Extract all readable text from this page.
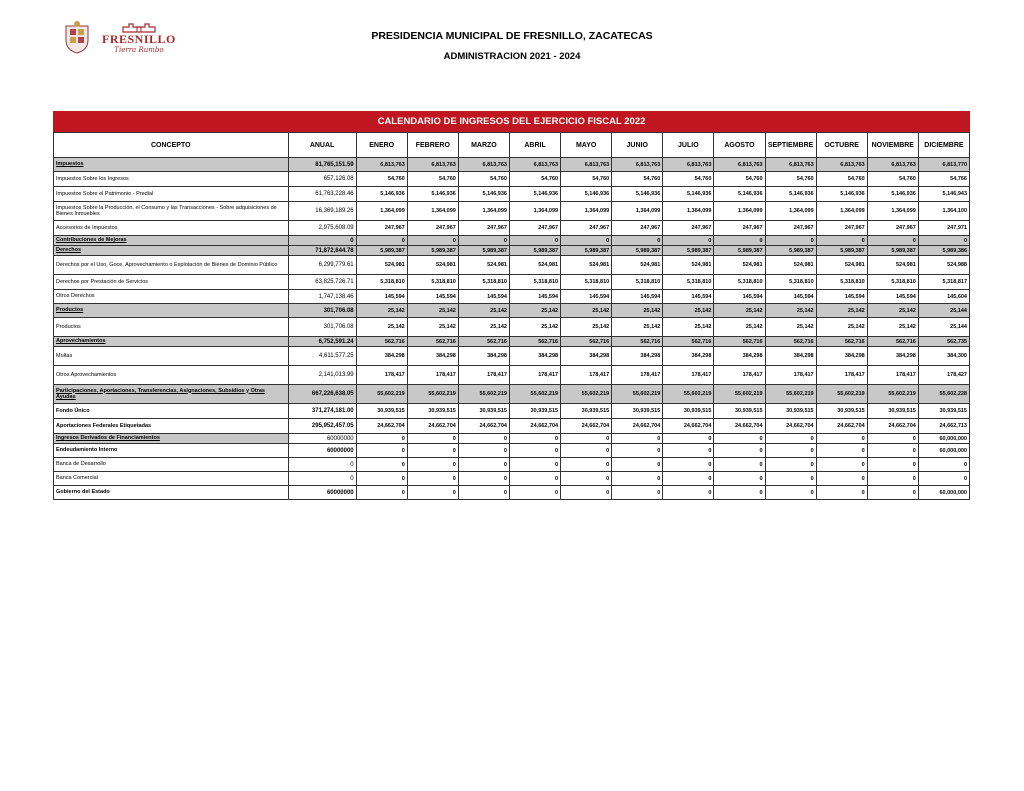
FRESNILLO
Tierra Rumbo
PRESIDENCIA MUNICIPAL DE FRESNILLO, ZACATECAS
ADMINISTRACION 2021 - 2024
CALENDARIO DE INGRESOS DEL EJERCICIO FISCAL 2022
CONCEPTO	ANUAL	ENERO	FEBRERO	MARZO	ABRIL	MAYO	JUNIO	JULIO	AGOSTO	SEPTIEMBRE	OCTUBRE	NOVIEMBRE	DICIEMBRE
Impuestos	81,765,151.59	6,813,763	6,813,763	6,813,763	6,813,763	6,813,763	6,813,763	6,813,763	6,813,763	6,813,763	6,813,763	6,813,763	6,813,770
Impuestos Sobre los Ingresos	657,126.08	54,760	54,760	54,760	54,760	54,760	54,760	54,760	54,760	54,760	54,760	54,760	54,766
Impuestos Sobre el Patrimonio - Predial	61,763,228.46	5,146,936	5,146,936	5,146,936	5,146,936	5,146,936	5,146,936	5,146,936	5,146,936	5,146,936	5,146,936	5,146,936	5,146,943
Impuestos Sobre la Producción, el Consumo y las Transacciones - Sobre adquisiciones de Bienes Inmuebles	16,369,189.26	1,364,099	1,364,099	1,364,099	1,364,099	1,364,099	1,364,099	1,364,099	1,364,099	1,364,099	1,364,099	1,364,099	1,364,100
Accesorios de Impuestos	2,975,608.09	247,967	247,967	247,967	247,967	247,967	247,967	247,967	247,967	247,967	247,967	247,967	247,971
Contribuciones de Mejoras	0	0	0	0	0	0	0	0	0	0	0	0	0
Derechos	71,872,644.78	5,989,387	5,989,387	5,989,387	5,989,387	5,989,387	5,989,387	5,989,387	5,989,387	5,989,387	5,989,387	5,989,387	5,989,386
Derechos por el Uso, Goce, Aprovechamiento o Explotación de Bienes de Dominio Público	6,299,779.61	524,981	524,981	524,981	524,981	524,981	524,981	524,981	524,981	524,981	524,981	524,981	524,988
Derechos por Prestación de Servicios	63,825,726.71	5,318,810	5,318,810	5,318,810	5,318,810	5,318,810	5,318,810	5,318,810	5,318,810	5,318,810	5,318,810	5,318,810	5,318,817
Otros Derechos	1,747,138.46	145,594	145,594	145,594	145,594	145,594	145,594	145,594	145,594	145,594	145,594	145,594	145,604
Productos	301,706.08	25,142	25,142	25,142	25,142	25,142	25,142	25,142	25,142	25,142	25,142	25,142	25,144
Productos	301,706.08	25,142	25,142	25,142	25,142	25,142	25,142	25,142	25,142	25,142	25,142	25,142	25,144
Aprovechamientos	6,752,591.24	562,716	562,716	562,716	562,716	562,716	562,716	562,716	562,716	562,716	562,716	562,716	562,735
Multas	4,611,577.25	384,298	384,298	384,298	384,298	384,298	384,298	384,298	384,298	384,298	384,298	384,298	384,300
Otros Aprovechamientos	2,141,013.99	178,417	178,417	178,417	178,417	178,417	178,417	178,417	178,417	178,417	178,417	178,417	178,427
Participaciones, Aportaciones, Transferencias, Asignaciones, Subsidios y Otras Ayudas	667,226,638.05	55,602,219	55,602,219	55,602,219	55,602,219	55,602,219	55,602,219	55,602,219	55,602,219	55,602,219	55,602,219	55,602,219	55,602,228
Fondo Único	371,274,181.00	30,939,515	30,939,515	30,939,515	30,939,515	30,939,515	30,939,515	30,939,515	30,939,515	30,939,515	30,939,515	30,939,515	30,939,515
Aportaciones Federales Etiquetadas	295,952,457.05	24,662,704	24,662,704	24,662,704	24,662,704	24,662,704	24,662,704	24,662,704	24,662,704	24,662,704	24,662,704	24,662,704	24,662,713
Ingresos Derivados de Financiamientos	60000000	0	0	0	0	0	0	0	0	0	0	0	60,000,000
Endeudamiento Interno	60000000	0	0	0	0	0	0	0	0	0	0	0	60,000,000
Banca de Desarrollo	0	0	0	0	0	0	0	0	0	0	0	0	0
Banca Comercial	0	0	0	0	0	0	0	0	0	0	0	0	0
Gobierno del Estado	60000000	0	0	0	0	0	0	0	0	0	0	0	60,000,000
